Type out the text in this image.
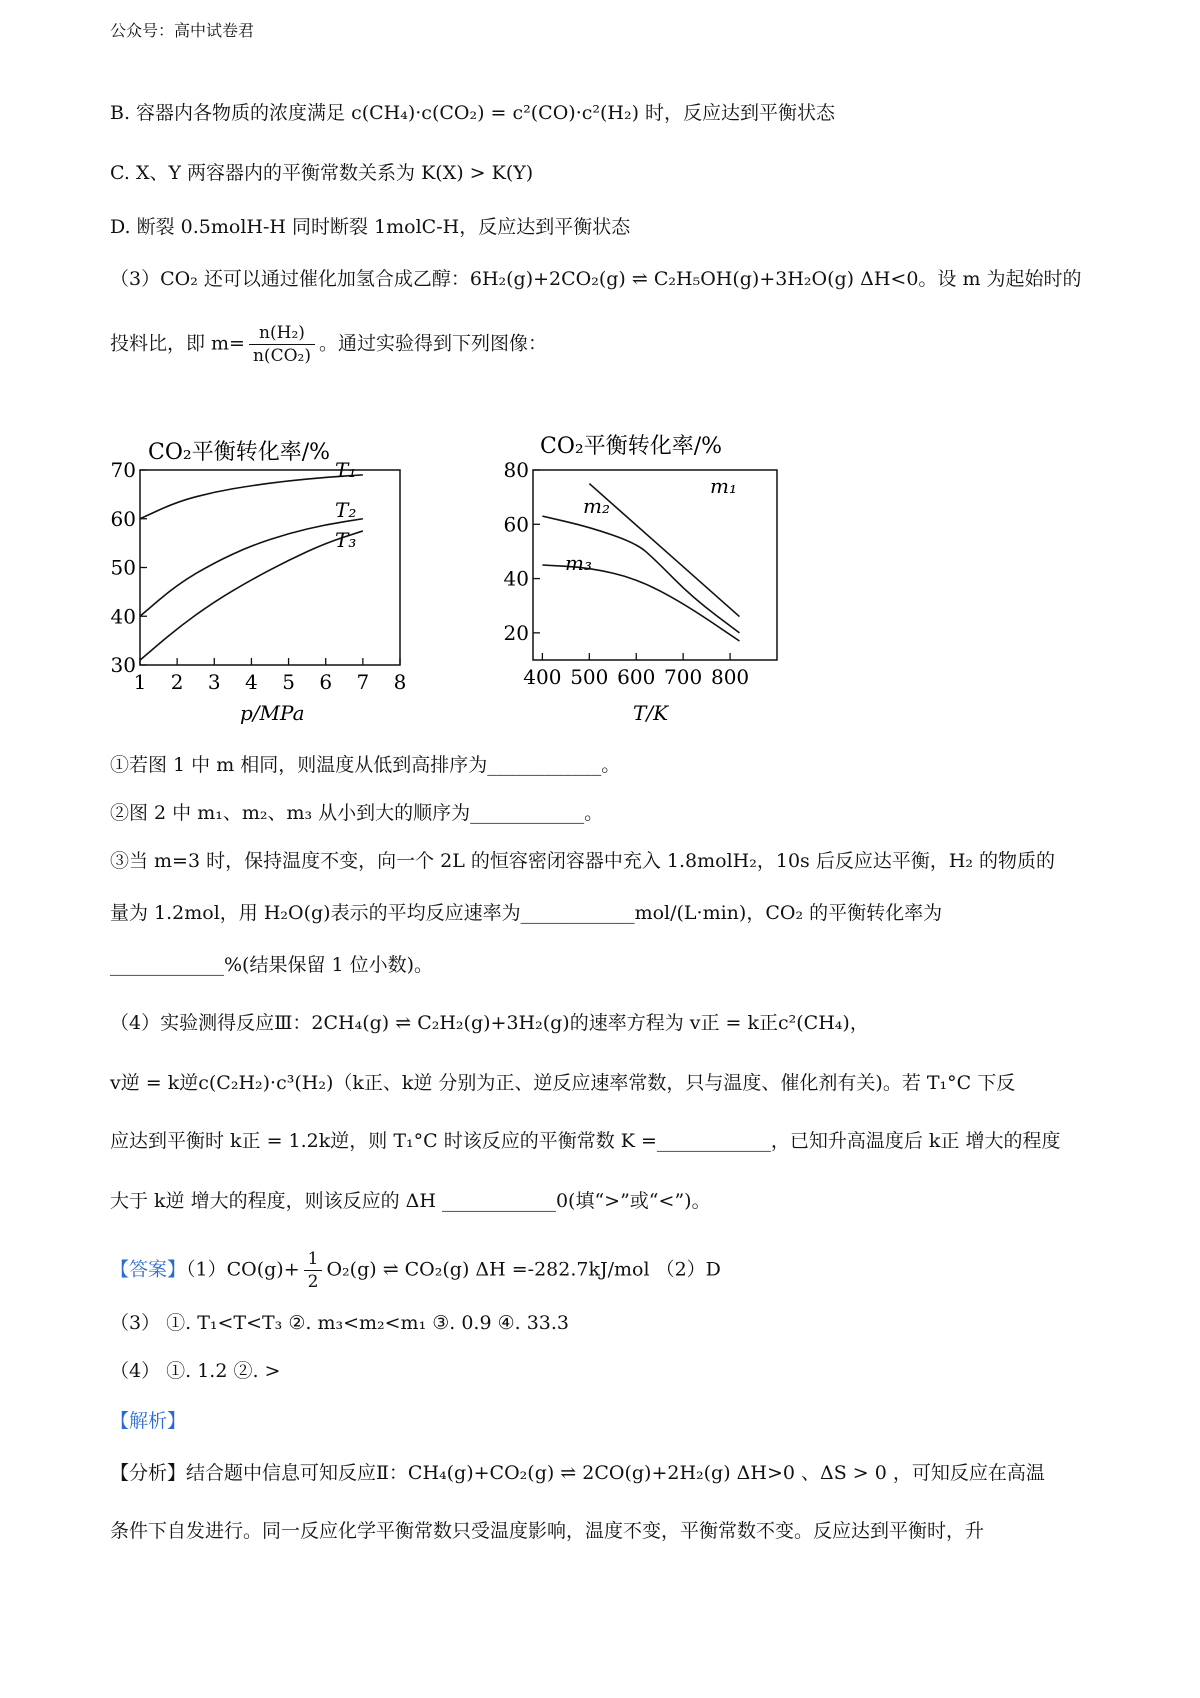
公众号：高中试卷君
B. 容器内各物质的浓度满足 c(CH₄)·c(CO₂) = c²(CO)·c²(H₂) 时，反应达到平衡状态
C. X、Y 两容器内的平衡常数关系为 K(X) > K(Y)
D. 断裂 0.5molH-H 同时断裂 1molC-H，反应达到平衡状态
（3）CO₂ 还可以通过催化加氢合成乙醇：6H₂(g)+2CO₂(g) ⇌ C₂H₅OH(g)+3H₂O(g) ΔH<0。设 m 为起始时的
投料比，即 $m= \frac{\text{n(H₂)}}{\text{n(CO₂)}}$ 。通过实验得到下列图像：
CO₂平衡转化率/%
30
40
50
60
70
1 2 3 4 5 6 7 8
T₁
T₂
T₃
p/MPa
CO₂平衡转化率/%
20
40
60
80
400 500 600 700 800
m₁
m₂
m₃
T/K
①若图 1 中 m 相同，则温度从低到高排序为____________。
②图 2 中 m₁、m₂、m₃ 从小到大的顺序为____________。
③当 m=3 时，保持温度不变，向一个 2L 的恒容密闭容器中充入 1.8molH₂，10s 后反应达平衡，H₂ 的物质的
量为 1.2mol，用 H₂O(g)表示的平均反应速率为____________mol/(L·min)，CO₂ 的平衡转化率为
____________%(结果保留 1 位小数)。
（4）实验测得反应Ⅲ：2CH₄(g) ⇌ C₂H₂(g)+3H₂(g)的速率方程为 v正 = k正c²(CH₄)，
v逆 = k逆c(C₂H₂)·c³(H₂)（k正、k逆 分别为正、逆反应速率常数，只与温度、催化剂有关)。若 T₁°C 下反
应达到平衡时 k正 = 1.2k逆，则 T₁°C 时该反应的平衡常数 K =____________，已知升高温度后 k正 增大的程度
大于 k逆 增大的程度，则该反应的 ΔH ____________0(填“>”或“<”)。
【答案】$(1)CO(g)+ \frac{1}{2} O_2(g)$ ⇌ CO₂(g) ΔH =-282.7kJ/mol （2）D
（3） ①. T₁<T<T₃ ②. m₃<m₂<m₁ ③. 0.9 ④. 33.3
（4） ①. 1.2 ②. >
【解析】
【分析】结合题中信息可知反应Ⅱ：CH₄(g)+CO₂(g) ⇌ 2CO(g)+2H₂(g) ΔH>0 、ΔS > 0 ，可知反应在高温
条件下自发进行。同一反应化学平衡常数只受温度影响，温度不变，平衡常数不变。反应达到平衡时，升
